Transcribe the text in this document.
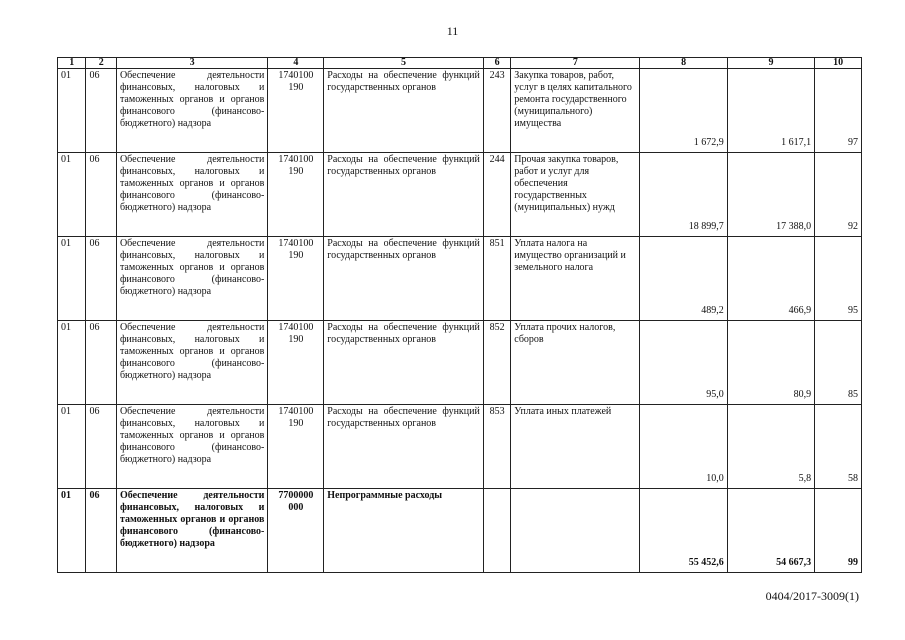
11
1	2	3	4	5	6	7	8	9	10
01	06	Обеспечение деятельности финансовых, налоговых и таможенных органов и органов финансового (финансово-бюджетного) надзора	1740100 190	Расходы на обеспечение функций государственных органов	243	Закупка товаров, работ, услуг в целях капитального ремонта государственного (муниципального) имущества	1 672,9	1 617,1	97
01	06	Обеспечение деятельности финансовых, налоговых и таможенных органов и органов финансового (финансово-бюджетного) надзора	1740100 190	Расходы на обеспечение функций государственных органов	244	Прочая закупка товаров, работ и услуг для обеспечения государственных (муниципальных) нужд	18 899,7	17 388,0	92
01	06	Обеспечение деятельности финансовых, налоговых и таможенных органов и органов финансового (финансово-бюджетного) надзора	1740100 190	Расходы на обеспечение функций государственных органов	851	Уплата налога на имущество организаций и земельного налога	489,2	466,9	95
01	06	Обеспечение деятельности финансовых, налоговых и таможенных органов и органов финансового (финансово-бюджетного) надзора	1740100 190	Расходы на обеспечение функций государственных органов	852	Уплата прочих налогов, сборов	95,0	80,9	85
01	06	Обеспечение деятельности финансовых, налоговых и таможенных органов и органов финансового (финансово-бюджетного) надзора	1740100 190	Расходы на обеспечение функций государственных органов	853	Уплата иных платежей	10,0	5,8	58
01	06	Обеспечение деятельности финансовых, налоговых и таможенных органов и органов финансового (финансово-бюджетного) надзора	7700000 000	Непрограммные расходы			55 452,6	54 667,3	99
0404/2017-3009(1)
